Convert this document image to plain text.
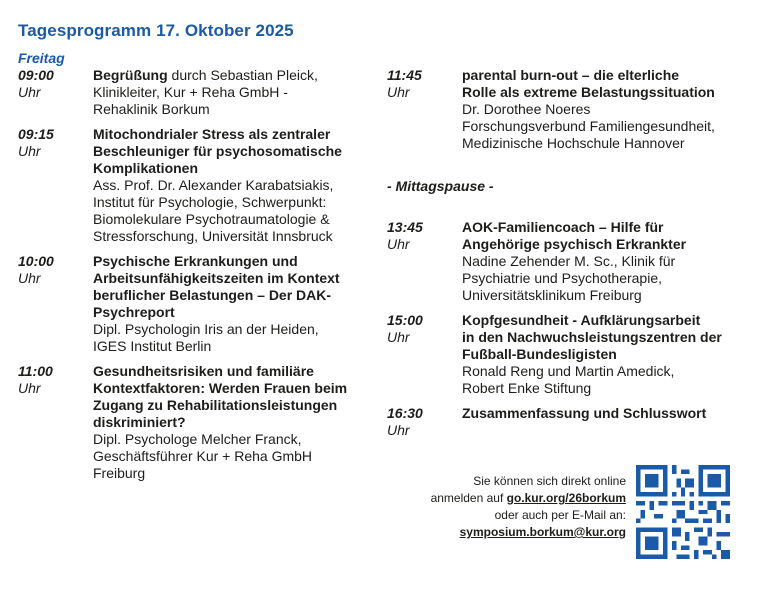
Tagesprogramm 17. Oktober 2025
Freitag
09:00
Uhr
Begrüßung durch Sebastian Pleick,
Klinikleiter, Kur + Reha GmbH -
Rehaklinik Borkum
09:15
Uhr
Mitochondrialer Stress als zentraler
Beschleuniger für psychosomatische
Komplikationen
Ass. Prof. Dr. Alexander Karabatsiakis,
Institut für Psychologie, Schwerpunkt:
Biomolekulare Psychotraumatologie &
Stressforschung, Universität Innsbruck
10:00
Uhr
Psychische Erkrankungen und
Arbeitsunfähigkeitszeiten im Kontext
beruflicher Belastungen – Der DAK-
Psychreport
Dipl. Psychologin Iris an der Heiden,
IGES Institut Berlin
11:00
Uhr
Gesundheitsrisiken und familiäre
Kontextfaktoren: Werden Frauen beim
Zugang zu Rehabilitationsleistungen
diskriminiert?
Dipl. Psychologe Melcher Franck,
Geschäftsführer Kur + Reha GmbH
Freiburg
11:45
Uhr
parental burn-out – die elterliche
Rolle als extreme Belastungssituation
Dr. Dorothee Noeres
Forschungsverbund Familiengesundheit,
Medizinische Hochschule Hannover
- Mittagspause -
13:45
Uhr
AOK-Familiencoach – Hilfe für
Angehörige psychisch Erkrankter
Nadine Zehender M. Sc., Klinik für
Psychiatrie und Psychotherapie,
Universitätsklinikum Freiburg
15:00
Uhr
Kopfgesundheit - Aufklärungsarbeit
in den Nachwuchsleistungszentren der
Fußball-Bundesligisten
Ronald Reng und Martin Amedick,
Robert Enke Stiftung
16:30
Uhr
Zusammenfassung und Schlusswort
Sie können sich direkt online
anmelden auf go.kur.org/26borkum
oder auch per E-Mail an:
symposium.borkum@kur.org
